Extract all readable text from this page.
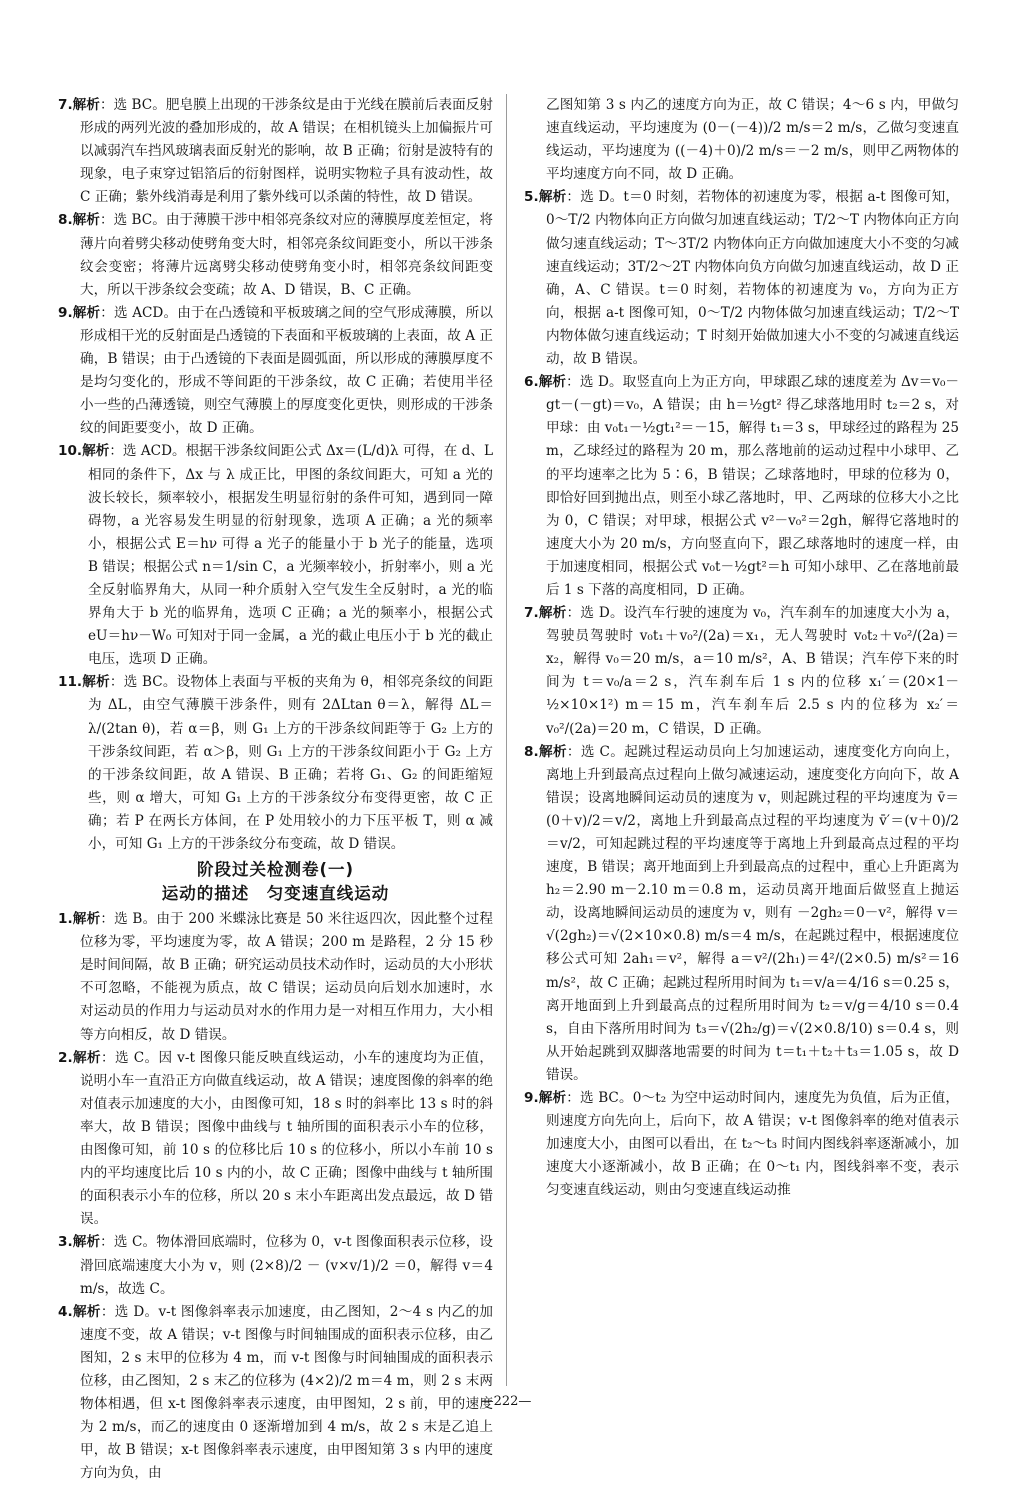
7.解析：选 BC。肥皂膜上出现的干涉条纹是由于光线在膜前后表面反射形成的两列光波的叠加形成的，故 A 错误；在相机镜头上加偏振片可以减弱汽车挡风玻璃表面反射光的影响，故 B 正确；衍射是波特有的现象，电子束穿过铝箔后的衍射图样，说明实物粒子具有波动性，故 C 正确；紫外线消毒是利用了紫外线可以杀菌的特性，故 D 错误。

8.解析：选 BC。由于薄膜干涉中相邻亮条纹对应的薄膜厚度差恒定，将薄片向着劈尖移动使劈角变大时，相邻亮条纹间距变小，所以干涉条纹会变密；将薄片远离劈尖移动使劈角变小时，相邻亮条纹间距变大，所以干涉条纹会变疏；故 A、D 错误，B、C 正确。

9.解析：选 ACD。由于在凸透镜和平板玻璃之间的空气形成薄膜，所以形成相干光的反射面是凸透镜的下表面和平板玻璃的上表面，故 A 正确，B 错误；由于凸透镜的下表面是圆弧面，所以形成的薄膜厚度不是均匀变化的，形成不等间距的干涉条纹，故 C 正确；若使用半径小一些的凸薄透镜，则空气薄膜上的厚度变化更快，则形成的干涉条纹的间距要变小，故 D 正确。

10.解析：选 ACD。根据干涉条纹间距公式 Δx＝(L/d)λ 可得，在 d、L 相同的条件下，Δx 与 λ 成正比，甲图的条纹间距大，可知 a 光的波长较长，频率较小，根据发生明显衍射的条件可知，遇到同一障碍物，a 光容易发生明显的衍射现象，选项 A 正确；a 光的频率小，根据公式 E＝hν 可得 a 光子的能量小于 b 光子的能量，选项 B 错误；根据公式 n＝1/sin C，a 光频率较小，折射率小，则 a 光全反射临界角大，从同一种介质射入空气发生全反射时，a 光的临界角大于 b 光的临界角，选项 C 正确；a 光的频率小，根据公式 eU＝hν－W₀ 可知对于同一金属，a 光的截止电压小于 b 光的截止电压，选项 D 正确。

11.解析：选 BC。设物体上表面与平板的夹角为 θ，相邻亮条纹的间距为 ΔL，由空气薄膜干涉条件，则有 2ΔLtan θ＝λ，解得 ΔL＝λ/(2tan θ)，若 α＝β，则 G₁ 上方的干涉条纹间距等于 G₂ 上方的干涉条纹间距，若 α＞β，则 G₁ 上方的干涉条纹间距小于 G₂ 上方的干涉条纹间距，故 A 错误、B 正确；若将 G₁、G₂ 的间距缩短些，则 α 增大，可知 G₁ 上方的干涉条纹分布变得更密，故 C 正确；若 P 在两长方体间，在 P 处用较小的力下压平板 T，则 α 减小，可知 G₁ 上方的干涉条纹分布变疏，故 D 错误。

阶段过关检测卷(一)
运动的描述　匀变速直线运动

1.解析：选 B。由于 200 米蝶泳比赛是 50 米往返四次，因此整个过程位移为零，平均速度为零，故 A 错误；200 m 是路程，2 分 15 秒是时间间隔，故 B 正确；研究运动员技术动作时，运动员的大小形状不可忽略，不能视为质点，故 C 错误；运动员向后划水加速时，水对运动员的作用力与运动员对水的作用力是一对相互作用力，大小相等方向相反，故 D 错误。

2.解析：选 C。因 v-t 图像只能反映直线运动，小车的速度均为正值，说明小车一直沿正方向做直线运动，故 A 错误；速度图像的斜率的绝对值表示加速度的大小，由图像可知，18 s 时的斜率比 13 s 时的斜率大，故 B 错误；图像中曲线与 t 轴所围的面积表示小车的位移，由图像可知，前 10 s 的位移比后 10 s 的位移小，所以小车前 10 s 内的平均速度比后 10 s 内的小，故 C 正确；图像中曲线与 t 轴所围的面积表示小车的位移，所以 20 s 末小车距离出发点最远，故 D 错误。

3.解析：选 C。物体滑回底端时，位移为 0，v-t 图像面积表示位移，设滑回底端速度大小为 v，则 (2×8)/2 － (v×v/1)/2 ＝0，解得 v＝4 m/s，故选 C。

4.解析：选 D。v-t 图像斜率表示加速度，由乙图知，2～4 s 内乙的加速度不变，故 A 错误；v-t 图像与时间轴围成的面积表示位移，由乙图知，2 s 末甲的位移为 4 m，而 v-t 图像与时间轴围成的面积表示位移，由乙图知，2 s 末乙的位移为 (4×2)/2 m＝4 m，则 2 s 末两物体相遇，但 x-t 图像斜率表示速度，由甲图知，2 s 前，甲的速度为 2 m/s，而乙的速度由 0 逐渐增加到 4 m/s，故 2 s 末是乙追上甲，故 B 错误；x-t 图像斜率表示速度，由甲图知第 3 s 内甲的速度方向为负，由

乙图知第 3 s 内乙的速度方向为正，故 C 错误；4～6 s 内，甲做匀速直线运动，平均速度为 (0－(－4))/2 m/s＝2 m/s，乙做匀变速直线运动，平均速度为 ((－4)＋0)/2 m/s＝－2 m/s，则甲乙两物体的平均速度方向不同，故 D 正确。

5.解析：选 D。t＝0 时刻，若物体的初速度为零，根据 a-t 图像可知，0～T/2 内物体向正方向做匀加速直线运动；T/2～T 内物体向正方向做匀速直线运动；T～3T/2 内物体向正方向做加速度大小不变的匀减速直线运动；3T/2～2T 内物体向负方向做匀加速直线运动，故 D 正确，A、C 错误。t＝0 时刻，若物体的初速度为 v₀，方向为正方向，根据 a-t 图像可知，0～T/2 内物体做匀加速直线运动；T/2～T 内物体做匀速直线运动；T 时刻开始做加速大小不变的匀减速直线运动，故 B 错误。

6.解析：选 D。取竖直向上为正方向，甲球跟乙球的速度差为 Δv＝v₀－gt－(－gt)＝v₀，A 错误；由 h＝½gt² 得乙球落地用时 t₂＝2 s，对甲球：由 v₀t₁－½gt₁²＝－15，解得 t₁＝3 s，甲球经过的路程为 25 m，乙球经过的路程为 20 m，那么落地前的运动过程中小球甲、乙的平均速率之比为 5∶6，B 错误；乙球落地时，甲球的位移为 0，即恰好回到抛出点，则至小球乙落地时，甲、乙两球的位移大小之比为 0，C 错误；对甲球，根据公式 v²－v₀²＝2gh，解得它落地时的速度大小为 20 m/s，方向竖直向下，跟乙球落地时的速度一样，由于加速度相同，根据公式 v₀t－½gt²＝h 可知小球甲、乙在落地前最后 1 s 下落的高度相同，D 正确。

7.解析：选 D。设汽车行驶的速度为 v₀，汽车刹车的加速度大小为 a，驾驶员驾驶时 v₀t₁＋v₀²/(2a)＝x₁，无人驾驶时 v₀t₂＋v₀²/(2a)＝x₂，解得 v₀＝20 m/s，a＝10 m/s²，A、B 错误；汽车停下来的时间为 t＝v₀/a＝2 s，汽车刹车后 1 s 内的位移 x₁′＝(20×1－½×10×1²) m＝15 m，汽车刹车后 2.5 s 内的位移为 x₂′＝v₀²/(2a)＝20 m，C 错误，D 正确。

8.解析：选 C。起跳过程运动员向上匀加速运动，速度变化方向向上，离地上升到最高点过程向上做匀减速运动，速度变化方向向下，故 A 错误；设离地瞬间运动员的速度为 v，则起跳过程的平均速度为 v̄＝(0＋v)/2＝v/2，离地上升到最高点过程的平均速度为 v̄′＝(v＋0)/2＝v/2，可知起跳过程的平均速度等于离地上升到最高点过程的平均速度，B 错误；离开地面到上升到最高点的过程中，重心上升距离为 h₂＝2.90 m－2.10 m＝0.8 m，运动员离开地面后做竖直上抛运动，设离地瞬间运动员的速度为 v，则有 －2gh₂＝0－v²，解得 v＝√(2gh₂)＝√(2×10×0.8) m/s＝4 m/s，在起跳过程中，根据速度位移公式可知 2ah₁＝v²，解得 a＝v²/(2h₁)＝4²/(2×0.5) m/s²＝16 m/s²，故 C 正确；起跳过程所用时间为 t₁＝v/a＝4/16 s＝0.25 s，离开地面到上升到最高点的过程所用时间为 t₂＝v/g＝4/10 s＝0.4 s，自由下落所用时间为 t₃＝√(2h₂/g)＝√(2×0.8/10) s＝0.4 s，则从开始起跳到双脚落地需要的时间为 t＝t₁＋t₂＋t₃＝1.05 s，故 D 错误。

9.解析：选 BC。0～t₂ 为空中运动时间内，速度先为负值，后为正值，则速度方向先向上，后向下，故 A 错误；v-t 图像斜率的绝对值表示加速度大小，由图可以看出，在 t₂～t₃ 时间内图线斜率逐渐减小，加速度大小逐渐减小，故 B 正确；在 0～t₁ 内，图线斜率不变，表示匀变速直线运动，则由匀变速直线运动推

—222—
